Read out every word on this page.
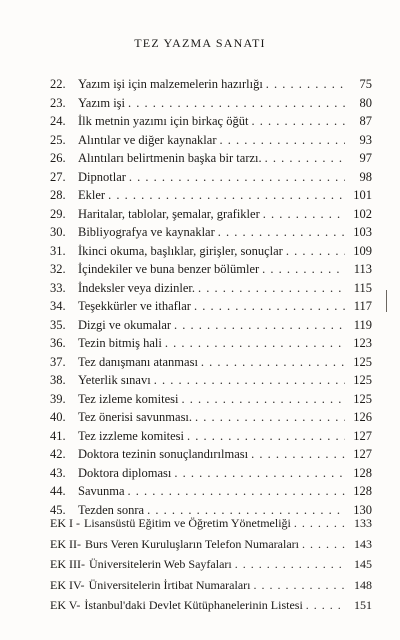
TEZ YAZMA SANATI
22. Yazım işi için malzemelerin hazırlığı . . .	75
23. Yazım işi . . .	80
24. İlk metnin yazımı için birkaç öğüt . . .	87
25. Alıntılar ve diğer kaynaklar . . .	93
26. Alıntıları belirtmenin başka bir tarzı. . . .	97
27. Dipnotlar . . .	98
28. Ekler . . .	101
29. Haritalar, tablolar, şemalar, grafikler . . .	102
30. Bibliyografya ve kaynaklar . . .	103
31. İkinci okuma, başlıklar, girişler, sonuçlar . . .	109
32. İçindekiler ve buna benzer bölümler . . .	113
33. İndeksler veya dizinler. . . .	115
34. Teşekkürler ve ithaflar . . .	117
35. Dizgi ve okumalar . . .	119
36. Tezin bitmiş hali . . .	123
37. Tez danışmanı atanması . . .	125
38. Yeterlik sınavı . . .	125
39. Tez izleme komitesi . . .	125
40. Tez önerisi savunması. . . .	126
41. Tez izzleme komitesi . . .	127
42. Doktora tezinin sonuçlandırılması . . .	127
43. Doktora diploması . . .	128
44. Savunma . . .	128
45. Tezden sonra . . .	130
EK I - Lisansüstü Eğitim ve Öğretim Yönetmeliği . . .	133
EK II- Burs Veren Kuruluşların Telefon Numaraları . . .	143
EK III- Üniversitelerin Web Sayfaları . . .	145
EK IV- Üniversitelerin İrtibat Numaraları . . .	148
EK V- İstanbul'daki Devlet Kütüphanelerinin Listesi . . .	151
